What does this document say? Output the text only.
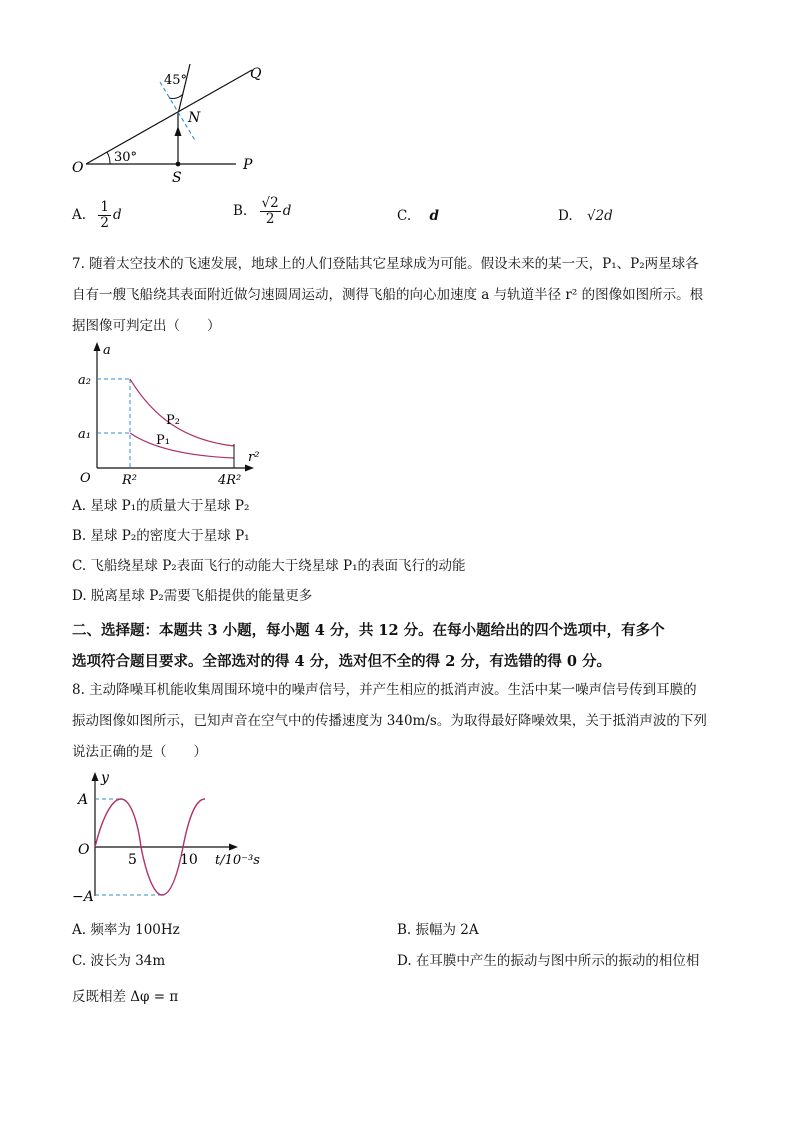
45°	Q
N
O
30°
S
P
A. $\frac{1}{2}$ d	B. $\frac{√2}{2}$ d	C. d	D. √2d
7. 随着太空技术的飞速发展，地球上的人们登陆其它星球成为可能。假设未来的某一天，P₁、P₂两星球各
自有一艘飞船绕其表面附近做匀速圆周运动，测得飞船的向心加速度 a 与轨道半径 r² 的图像如图所示。根
据图像可判定出（　　）
a
r²
a₂
a₁
O R²	4R²
P₂
P₁
A. 星球 P₁的质量大于星球 P₂
B. 星球 P₂的密度大于星球 P₁
C. 飞船绕星球 P₂表面飞行的动能大于绕星球 P₁的表面飞行的动能
D. 脱离星球 P₂需要飞船提供的能量更多
二、选择题：本题共 3 小题，每小题 4 分，共 12 分。在每小题给出的四个选项中，有多个
选项符合题目要求。全部选对的得 4 分，选对但不全的得 2 分，有选错的得 0 分。
8. 主动降噪耳机能收集周围环境中的噪声信号，并产生相应的抵消声波。生活中某一噪声信号传到耳膜的
振动图像如图所示，已知声音在空气中的传播速度为 340m/s。为取得最好降噪效果，关于抵消声波的下列
说法正确的是（　　）
y
A
O
5	10 t/10⁻³s
−A
A. 频率为 100Hz	B. 振幅为 2A
C. 波长为 34m	D. 在耳膜中产生的振动与图中所示的振动的相位相
反既相差 Δφ = π
